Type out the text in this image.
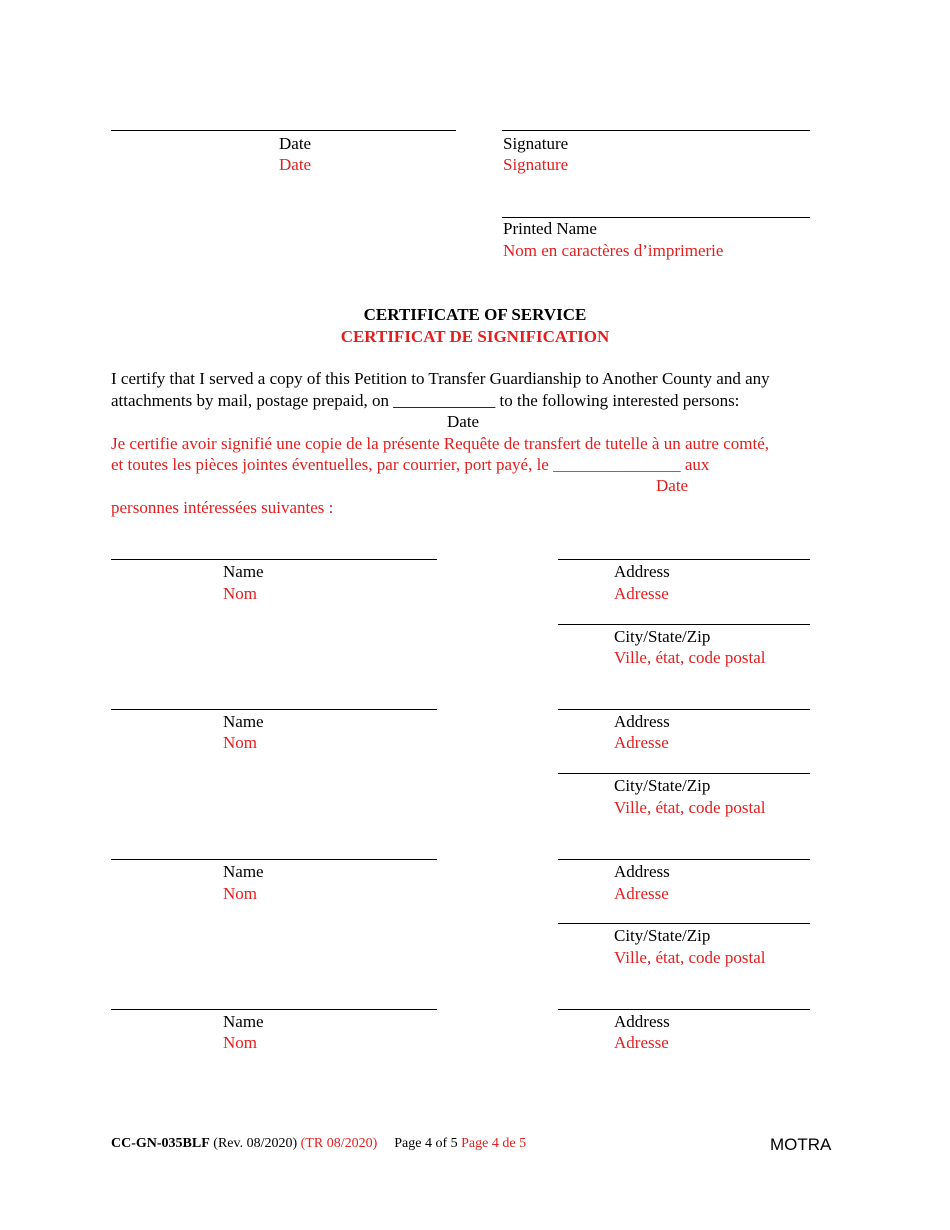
Date
Date
Signature
Signature
Printed Name
Nom en caractères d’imprimerie
CERTIFICATE OF SERVICE
CERTIFICAT DE SIGNIFICATION
I certify that I served a copy of this Petition to Transfer Guardianship to Another County and any
attachments by mail, postage prepaid, on ____________ to the following interested persons:
Date
Je certifie avoir signifié une copie de la présente Requête de transfert de tutelle à un autre comté,
et toutes les pièces jointes éventuelles, par courrier, port payé, le _______________ aux
Date
personnes intéressées suivantes :
Name
Nom
Address
Adresse
City/State/Zip
Ville, état, code postal
Name
Nom
Address
Adresse
City/State/Zip
Ville, état, code postal
Name
Nom
Address
Adresse
City/State/Zip
Ville, état, code postal
Name
Nom
Address
Adresse
CC-GN-035BLF (Rev. 08/2020) (TR 08/2020) Page 4 of 5 Page 4 de 5	MOTRA
